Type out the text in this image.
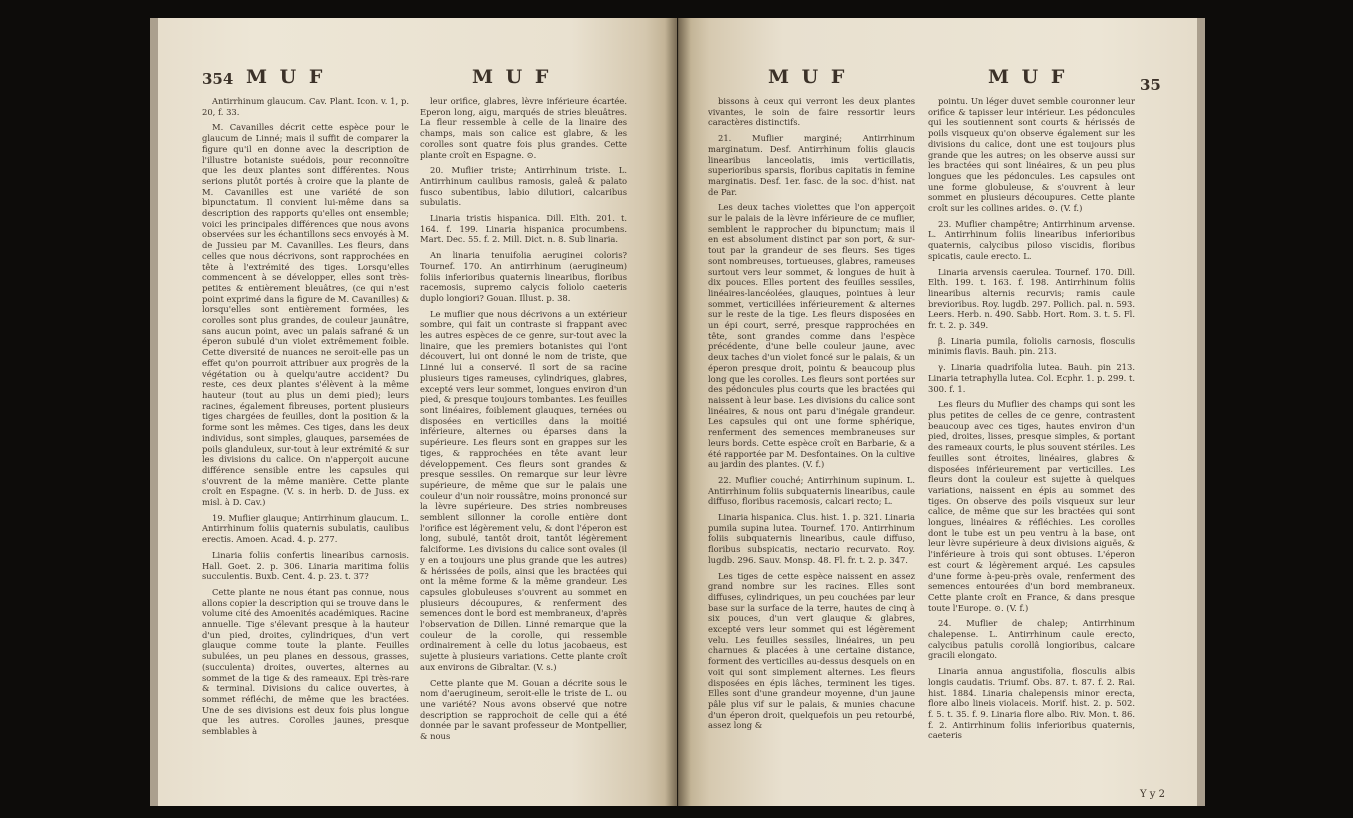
354 M U F	M U F

Antirrhinum glaucum. Cav. Plant. Icon. v. 1, p. 20, f. 33.

M. Cavanilles décrit cette espèce pour le glaucum de Linné; mais il suffit de comparer la figure qu'il en donne avec la description de l'illustre botaniste suédois, pour reconnoître que les deux plantes sont différentes. Nous serions plutôt portés à croire que la plante de M. Cavanilles est une variété de son bipunctatum. Il convient lui-même dans sa description des rapports qu'elles ont ensemble; voici les principales différences que nous avons observées sur les échantillons secs envoyés à M. de Jussieu par M. Cavanilles. Les fleurs, dans celles que nous décrivons, sont rapprochées en tête à l'extrémité des tiges. Lorsqu'elles commencent à se développer, elles sont très-petites & entièrement bleuâtres, (ce qui n'est point exprimé dans la figure de M. Cavanilles) & lorsqu'elles sont entièrement formées, les corolles sont plus grandes, de couleur jaunâtre, sans aucun point, avec un palais safrané & un éperon subulé d'un violet extrêmement foible. Cette diversité de nuances ne seroit-elle pas un effet qu'on pourroit attribuer aux progrès de la végétation ou à quelqu'autre accident? Du reste, ces deux plantes s'élèvent à la même hauteur (tout au plus un demi pied); leurs racines, également fibreuses, portent plusieurs tiges chargées de feuilles, dont la position & la forme sont les mêmes. Ces tiges, dans les deux individus, sont simples, glauques, parsemées de poils glanduleux, sur-tout à leur extrémité & sur les divisions du calice. On n'apperçoit aucune différence sensible entre les capsules qui s'ouvrent de la même manière. Cette plante croît en Espagne. (V. s. in herb. D. de Juss. ex misl. à D. Cav.)

19. Muflier glauque; Antirrhinum glaucum. L. Antirrhinum foliis quaternis subulatis, caulibus erectis. Amoen. Acad. 4. p. 277.

Linaria foliis confertis linearibus carnosis. Hall. Goet. 2. p. 306. Linaria maritima foliis succulentis. Buxb. Cent. 4. p. 23. t. 37?

Cette plante ne nous étant pas connue, nous allons copier la description qui se trouve dans le volume cité des Amoenités académiques. Racine annuelle. Tige s'élevant presque à la hauteur d'un pied, droites, cylindriques, d'un vert glauque comme toute la plante. Feuilles subulées, un peu planes en dessous, grasses, (succulenta) droites, ouvertes, alternes au sommet de la tige & des rameaux. Epi très-rare & terminal. Divisions du calice ouvertes, à sommet réfléchi, de même que les bractées. Une de ses divisions est deux fois plus longue que les autres. Corolles jaunes, presque semblables à

leur orifice, glabres, lèvre inférieure écartée. Eperon long, aigu, marqués de stries bleuâtres. La fleur ressemble à celle de la linaire des champs, mais son calice est glabre, & les corolles sont quatre fois plus grandes. Cette plante croît en Espagne. ⊙.

20. Muflier triste; Antirrhinum triste. L. Antirrhinum caulibus ramosis, galeâ & palato fusco subentibus, labio dilutiori, calcaribus subulatis.

Linaria tristis hispanica. Dill. Elth. 201. t. 164. f. 199. Linaria hispanica procumbens. Mart. Dec. 55. f. 2. Mill. Dict. n. 8. Sub linaria.

An linaria tenuifolia aeruginei coloris? Tournef. 170. An antirrhinum (aerugineum) foliis inferioribus quaternis linearibus, floribus racemosis, supremo calycis foliolo caeteris duplo longiori? Gouan. Illust. p. 38.

Le muflier que nous décrivons a un extérieur sombre, qui fait un contraste si frappant avec les autres espèces de ce genre, sur-tout avec la linaire, que les premiers botanistes qui l'ont découvert, lui ont donné le nom de triste, que Linné lui a conservé. Il sort de sa racine plusieurs tiges rameuses, cylindriques, glabres, excepté vers leur sommet, longues environ d'un pied, & presque toujours tombantes. Les feuilles sont linéaires, foiblement glauques, ternées ou disposées en verticilles dans la moitié inférieure, alternes ou éparses dans la supérieure. Les fleurs sont en grappes sur les tiges, & rapprochées en tête avant leur développement. Ces fleurs sont grandes & presque sessiles. On remarque sur leur lèvre supérieure, de même que sur le palais une couleur d'un noir roussâtre, moins prononcé sur la lèvre supérieure. Des stries nombreuses semblent sillonner la corolle entière dont l'orifice est légèrement velu, & dont l'éperon est long, subulé, tantôt droit, tantôt légèrement falciforme. Les divisions du calice sont ovales (il y en a toujours une plus grande que les autres) & hérissées de poils, ainsi que les bractées qui ont la même forme & la même grandeur. Les capsules globuleuses s'ouvrent au sommet en plusieurs découpures, & renferment des semences dont le bord est membraneux, d'après l'observation de Dillen. Linné remarque que la couleur de la corolle, qui ressemble ordinairement à celle du lotus jacobaeus, est sujette à plusieurs variations. Cette plante croît aux environs de Gibraltar. (V. s.)

Cette plante que M. Gouan a décrite sous le nom d'aerugineum, seroit-elle le triste de L. ou une variété? Nous avons observé que notre description se rapprochoit de celle qui a été donnée par le savant professeur de Montpellier, & nous

M U F	M U F	35

bissons à ceux qui verront les deux plantes vivantes, le soin de faire ressortir leurs caractères distinctifs.

21. Muflier marginé; Antirrhinum marginatum. Desf. Antirrhinum foliis glaucis linearibus lanceolatis, imis verticillatis, superioribus sparsis, floribus capitatis in femine marginatis. Desf. 1er. fasc. de la soc. d'hist. nat de Par.

Les deux taches violettes que l'on apperçoit sur le palais de la lèvre inférieure de ce muflier, semblent le rapprocher du bipunctum; mais il en est absolument distinct par son port, & sur-tout par la grandeur de ses fleurs. Ses tiges sont nombreuses, tortueuses, glabres, rameuses surtout vers leur sommet, & longues de huit à dix pouces. Elles portent des feuilles sessiles, linéaires-lancéolées, glauques, pointues à leur sommet, verticillées inférieurement & alternes sur le reste de la tige. Les fleurs disposées en un épi court, serré, presque rapprochées en tête, sont grandes comme dans l'espèce précédente, d'une belle couleur jaune, avec deux taches d'un violet foncé sur le palais, & un éperon presque droit, pointu & beaucoup plus long que les corolles. Les fleurs sont portées sur des pédoncules plus courts que les bractées qui naissent à leur base. Les divisions du calice sont linéaires, & nous ont paru d'inégale grandeur. Les capsules qui ont une forme sphérique, renferment des semences membraneuses sur leurs bords. Cette espèce croît en Barbarie, & a été rapportée par M. Desfontaines. On la cultive au jardin des plantes. (V. f.)

22. Muflier couché; Antirrhinum supinum. L. Antirrhinum foliis subquaternis linearibus, caule diffuso, floribus racemosis, calcari recto; L.

Linaria hispanica. Clus. hist. 1. p. 321. Linaria pumila supina lutea. Tournef. 170. Antirrhinum foliis subquaternis linearibus, caule diffuso, floribus subspicatis, nectario recurvato. Roy. lugdb. 296. Sauv. Monsp. 48. Fl. fr. t. 2. p. 347.

Les tiges de cette espèce naissent en assez grand nombre sur les racines. Elles sont diffuses, cylindriques, un peu couchées par leur base sur la surface de la terre, hautes de cinq à six pouces, d'un vert glauque & glabres, excepté vers leur sommet qui est légèrement velu. Les feuilles sessiles, linéaires, un peu charnues & placées à une certaine distance, forment des verticilles au-dessus desquels on en voit qui sont simplement alternes. Les fleurs disposées en épis lâches, terminent les tiges. Elles sont d'une grandeur moyenne, d'un jaune pâle plus vif sur le palais, & munies chacune d'un éperon droit, quelquefois un peu retourbé, assez long &

pointu. Un léger duvet semble couronner leur orifice & tapisser leur intérieur. Les pédoncules qui les soutiennent sont courts & hérissés de poils visqueux qu'on observe également sur les divisions du calice, dont une est toujours plus grande que les autres; on les observe aussi sur les bractées qui sont linéaires, & un peu plus longues que les pédoncules. Les capsules ont une forme globuleuse, & s'ouvrent à leur sommet en plusieurs découpures. Cette plante croît sur les collines arides. ⊙. (V. f.)

23. Muflier champêtre; Antirrhinum arvense. L. Antirrhinum foliis linearibus inferioribus quaternis, calycibus piloso viscidis, floribus spicatis, caule erecto. L.

Linaria arvensis caerulea. Tournef. 170. Dill. Elth. 199. t. 163. f. 198. Antirrhinum foliis linearibus alternis recurvis; ramis caule brevioribus. Roy. lugdb. 297. Pollich. pal. n. 593. Leers. Herb. n. 490. Sabb. Hort. Rom. 3. t. 5. Fl. fr. t. 2. p. 349.

β. Linaria pumila, foliolis carnosis, flosculis minimis flavis. Bauh. pin. 213.

γ. Linaria quadrifolia lutea. Bauh. pin 213. Linaria tetraphylla lutea. Col. Ecphr. 1. p. 299. t. 300. f. 1.

Les fleurs du Muflier des champs qui sont les plus petites de celles de ce genre, contrastent beaucoup avec ces tiges, hautes environ d'un pied, droites, lisses, presque simples, & portant des rameaux courts, le plus souvent stériles. Les feuilles sont étroites, linéaires, glabres & disposées inférieurement par verticilles. Les fleurs dont la couleur est sujette à quelques variations, naissent en épis au sommet des tiges. On observe des poils visqueux sur leur calice, de même que sur les bractées qui sont longues, linéaires & réfléchies. Les corolles dont le tube est un peu ventru à la base, ont leur lèvre supérieure à deux divisions aiguës, & l'inférieure à trois qui sont obtuses. L'éperon est court & légèrement arqué. Les capsules d'une forme à-peu-près ovale, renferment des semences entourées d'un bord membraneux. Cette plante croît en France, & dans presque toute l'Europe. ⊙. (V. f.)

24. Muflier de chalep; Antirrhinum chalepense. L. Antirrhinum caule erecto, calycibus patulis corollâ longioribus, calcare gracili elongato.

Linaria annua angustifolia, flosculis albis longis caudatis. Triumf. Obs. 87. t. 87. f. 2. Rai. hist. 1884. Linaria chalepensis minor erecta, flore albo lineis violaceis. Morif. hist. 2. p. 502. f. 5. t. 35. f. 9. Linaria flore albo. Riv. Mon. t. 86. f. 2. Antirrhinum foliis inferioribus quaternis, caeteris

Y y 2
